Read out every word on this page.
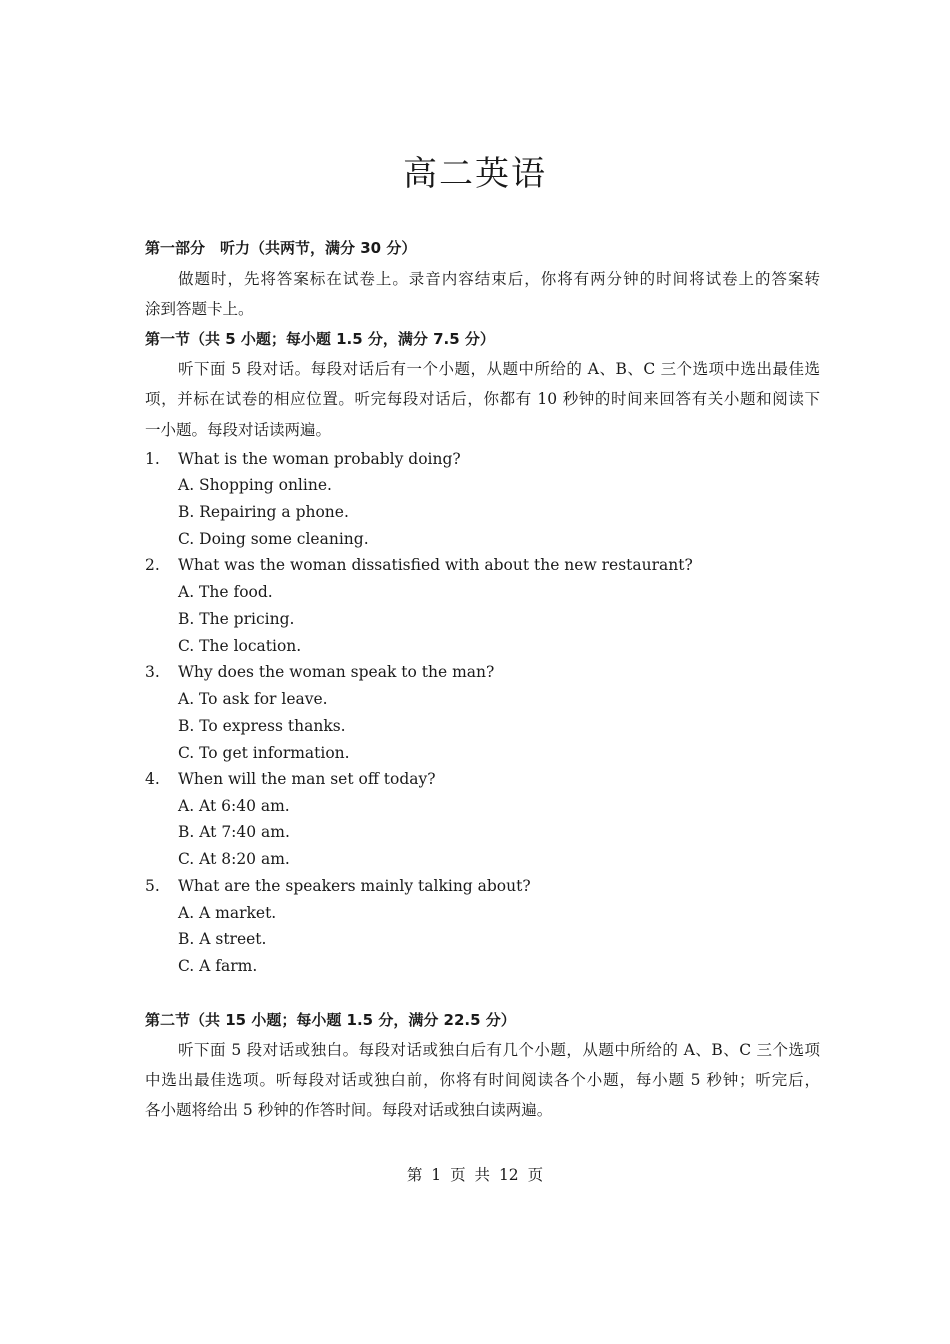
高二英语
第一部分　听力（共两节，满分 30 分）
做题时，先将答案标在试卷上。录音内容结束后，你将有两分钟的时间将试卷上的答案转
涂到答题卡上。
第一节（共 5 小题；每小题 1.5 分，满分 7.5 分）
听下面 5 段对话。每段对话后有一个小题，从题中所给的 A、B、C 三个选项中选出最佳选
项，并标在试卷的相应位置。听完每段对话后，你都有 10 秒钟的时间来回答有关小题和阅读下
一小题。每段对话读两遍。
1. What is the woman probably doing?
A. Shopping online.
B. Repairing a phone.
C. Doing some cleaning.
2. What was the woman dissatisfied with about the new restaurant?
A. The food.
B. The pricing.
C. The location.
3. Why does the woman speak to the man?
A. To ask for leave.
B. To express thanks.
C. To get information.
4. When will the man set off today?
A. At 6:40 am.
B. At 7:40 am.
C. At 8:20 am.
5. What are the speakers mainly talking about?
A. A market.
B. A street.
C. A farm.
第二节（共 15 小题；每小题 1.5 分，满分 22.5 分）
听下面 5 段对话或独白。每段对话或独白后有几个小题，从题中所给的 A、B、C 三个选项
中选出最佳选项。听每段对话或独白前，你将有时间阅读各个小题，每小题 5 秒钟；听完后，
各小题将给出 5 秒钟的作答时间。每段对话或独白读两遍。
第 1 页 共 12 页
